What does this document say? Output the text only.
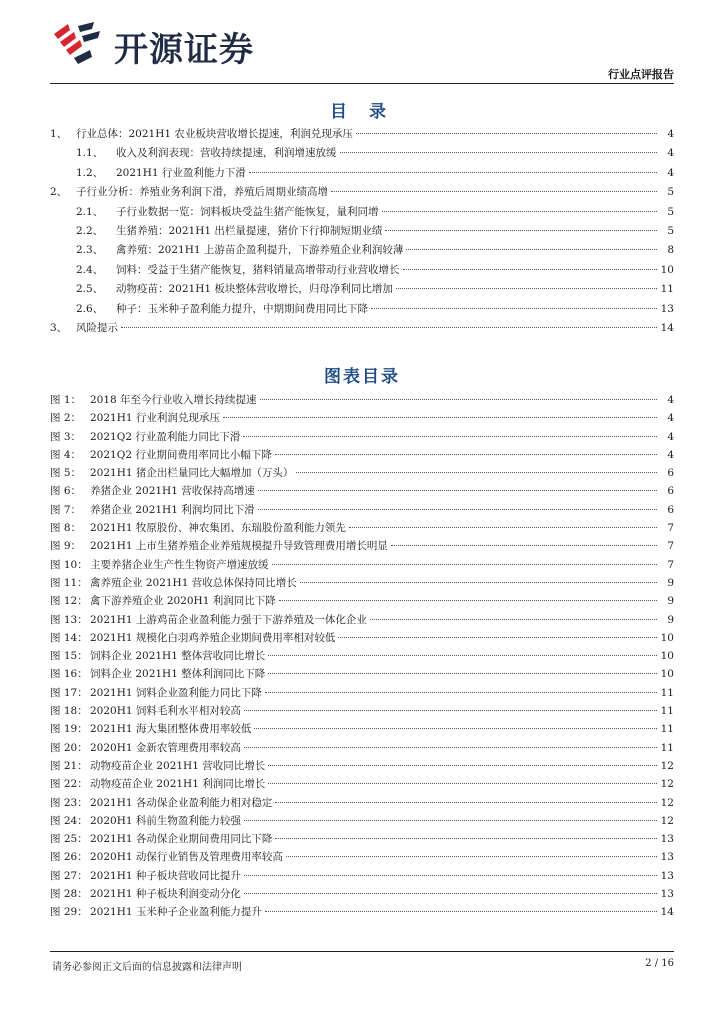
开源证券
行业点评报告
目 录
1、 行业总体：2021H1 农业板块营收增长提速，利润兑现承压	4
1.1、	收入及利润表现：营收持续提速，利润增速放缓	4
1.2、	2021H1 行业盈利能力下滑	4
2、 子行业分析：养殖业务利润下滑，养殖后周期业绩高增	5
2.1、	子行业数据一览：饲料板块受益生猪产能恢复，量利同增	5
2.2、	生猪养殖：2021H1 出栏量提速，猪价下行抑制短期业绩	5
2.3、	禽养殖：2021H1 上游苗企盈利提升，下游养殖企业利润较薄	8
2.4、	饲料：受益于生猪产能恢复，猪料销量高增带动行业营收增长	10
2.5、	动物疫苗：2021H1 板块整体营收增长，归母净利同比增加	11
2.6、	种子：玉米种子盈利能力提升，中期期间费用同比下降	13
3、 风险提示	14
图表目录
图 1： 2018 年至今行业收入增长持续提速	4
图 2： 2021H1 行业利润兑现承压	4
图 3： 2021Q2 行业盈利能力同比下滑	4
图 4： 2021Q2 行业期间费用率同比小幅下降	4
图 5： 2021H1 猪企出栏量同比大幅增加（万头）	6
图 6： 养猪企业 2021H1 营收保持高增速	6
图 7： 养猪企业 2021H1 利润均同比下滑	6
图 8： 2021H1 牧原股份、神农集团、东瑞股份盈利能力领先	7
图 9： 2021H1 上市生猪养殖企业养殖规模提升导致管理费用增长明显	7
图 10： 主要养猪企业生产性生物资产增速放缓	7
图 11： 禽养殖企业 2021H1 营收总体保持同比增长	9
图 12： 禽下游养殖企业 2020H1 利润同比下降	9
图 13： 2021H1 上游鸡苗企业盈利能力强于下游养殖及一体化企业	9
图 14： 2021H1 规模化白羽鸡养殖企业期间费用率相对较低	10
图 15： 饲料企业 2021H1 整体营收同比增长	10
图 16： 饲料企业 2021H1 整体利润同比下降	10
图 17： 2021H1 饲料企业盈利能力同比下降	11
图 18： 2020H1 饲料毛利水平相对较高	11
图 19： 2021H1 海大集团整体费用率较低	11
图 20： 2020H1 金新农管理费用率较高	11
图 21： 动物疫苗企业 2021H1 营收同比增长	12
图 22： 动物疫苗企业 2021H1 利润同比增长	12
图 23： 2021H1 各动保企业盈利能力相对稳定	12
图 24： 2020H1 科前生物盈利能力较强	12
图 25： 2021H1 各动保企业期间费用同比下降	13
图 26： 2020H1 动保行业销售及管理费用率较高	13
图 27： 2021H1 种子板块营收同比提升	13
图 28： 2021H1 种子板块利润变动分化	13
图 29： 2021H1 玉米种子企业盈利能力提升	14
请务必参阅正文后面的信息披露和法律声明	2 / 16
